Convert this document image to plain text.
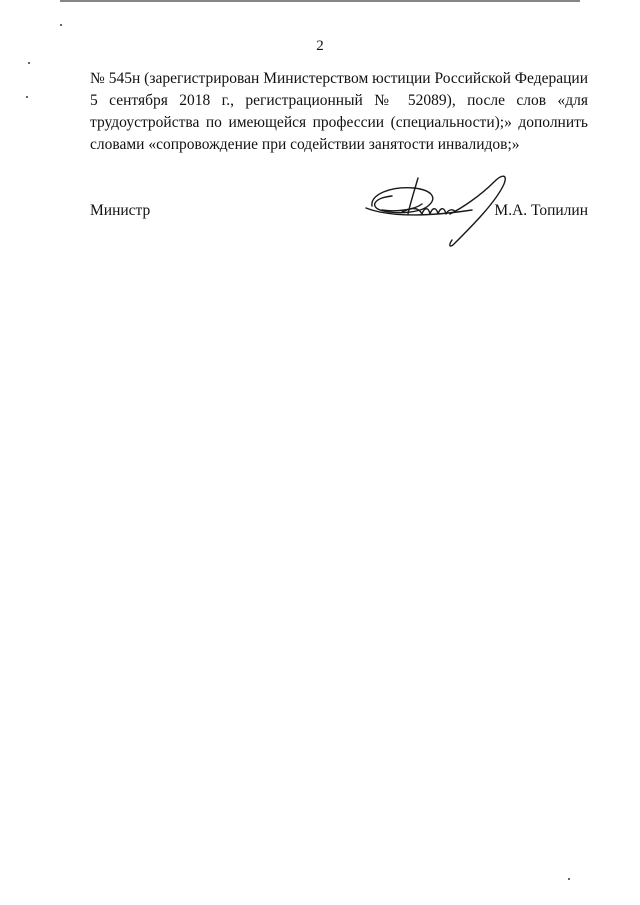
2

№ 545н (зарегистрирован Министерством юстиции Российской Федерации 5 сентября 2018 г., регистрационный № 52089), после слов «для трудоустройства по имеющейся профессии (специальности);» дополнить словами «сопровождение при содействии занятости инвалидов;»

Министр	М.А. Топилин
